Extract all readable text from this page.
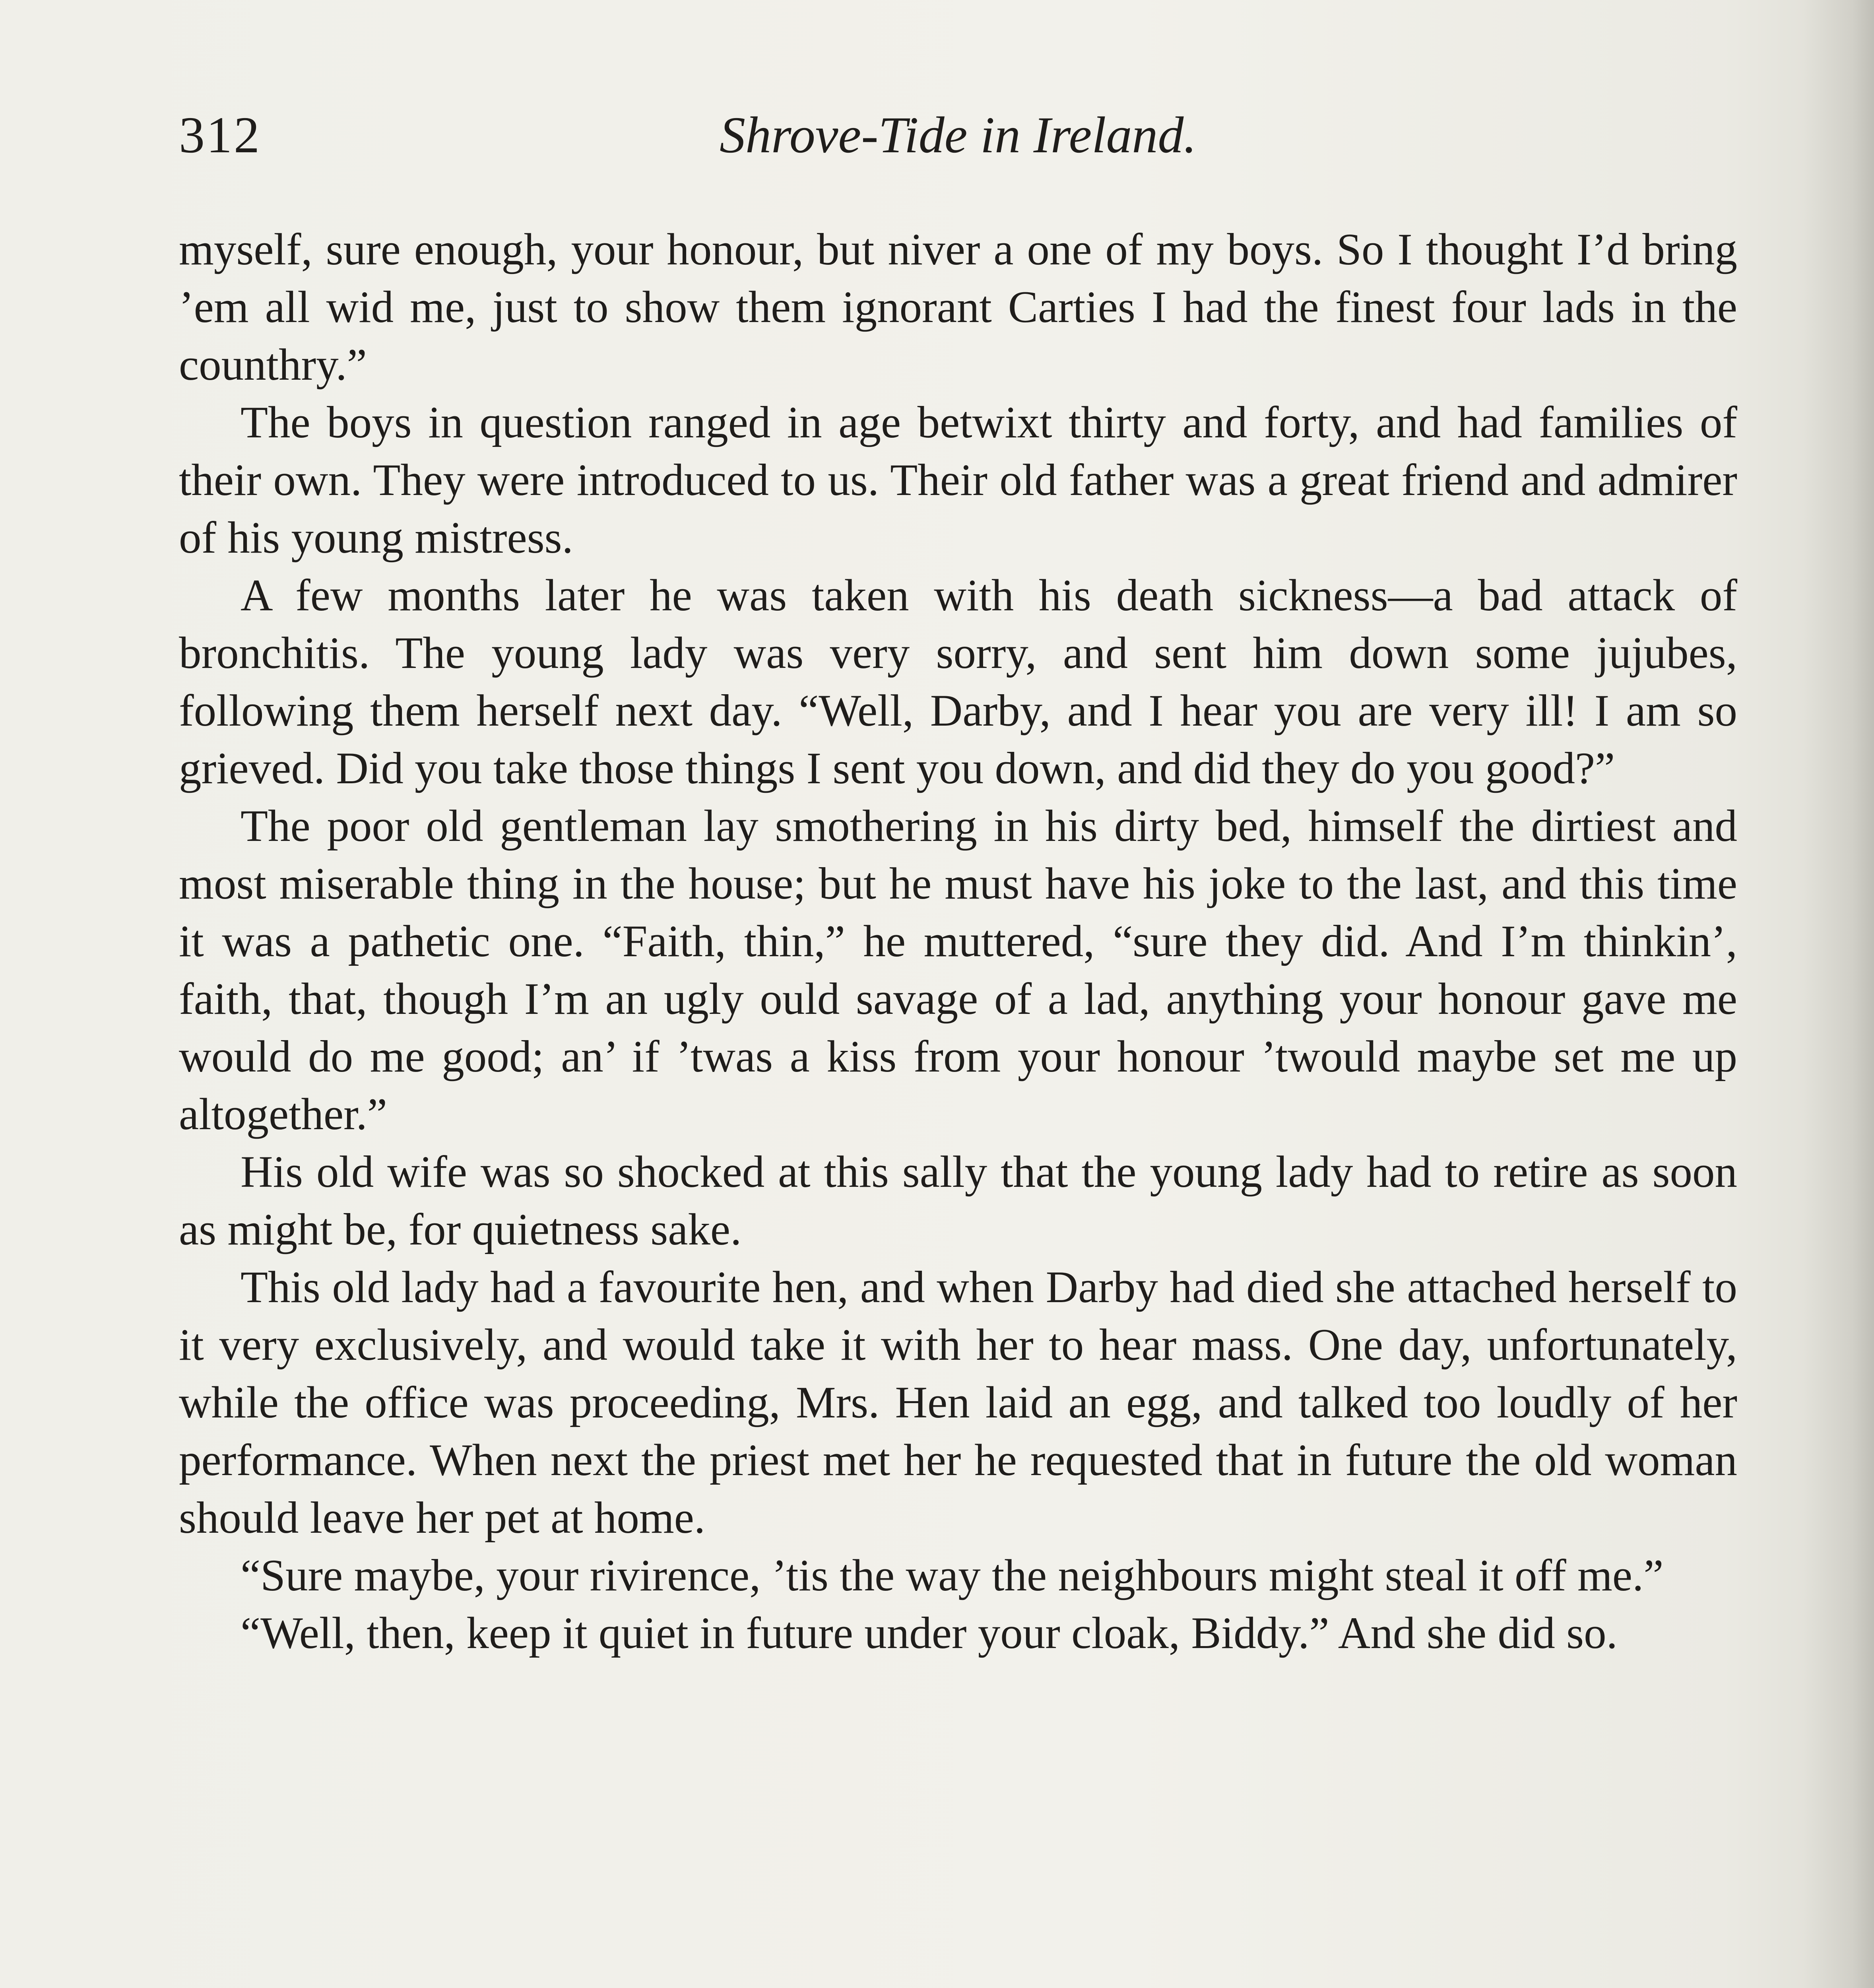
312	Shrove-Tide in Ireland.

myself, sure enough, your honour, but niver a one of my boys. So I thought I’d bring ’em all wid me, just to show them ignorant Carties I had the finest four lads in the counthry.”

The boys in question ranged in age betwixt thirty and forty, and had families of their own. They were introduced to us. Their old father was a great friend and admirer of his young mistress.

A few months later he was taken with his death sickness—a bad attack of bronchitis. The young lady was very sorry, and sent him down some jujubes, following them herself next day. “Well, Darby, and I hear you are very ill! I am so grieved. Did you take those things I sent you down, and did they do you good?”

The poor old gentleman lay smothering in his dirty bed, himself the dirtiest and most miserable thing in the house; but he must have his joke to the last, and this time it was a pathetic one. “Faith, thin,” he muttered, “sure they did. And I’m thinkin’, faith, that, though I’m an ugly ould savage of a lad, anything your honour gave me would do me good; an’ if ’twas a kiss from your honour ’twould maybe set me up altogether.”

His old wife was so shocked at this sally that the young lady had to retire as soon as might be, for quietness sake.

This old lady had a favourite hen, and when Darby had died she attached herself to it very exclusively, and would take it with her to hear mass. One day, unfortunately, while the office was proceeding, Mrs. Hen laid an egg, and talked too loudly of her performance. When next the priest met her he requested that in future the old woman should leave her pet at home.

“Sure maybe, your rivirence, ’tis the way the neighbours might steal it off me.”

“Well, then, keep it quiet in future under your cloak, Biddy.” And she did so.
